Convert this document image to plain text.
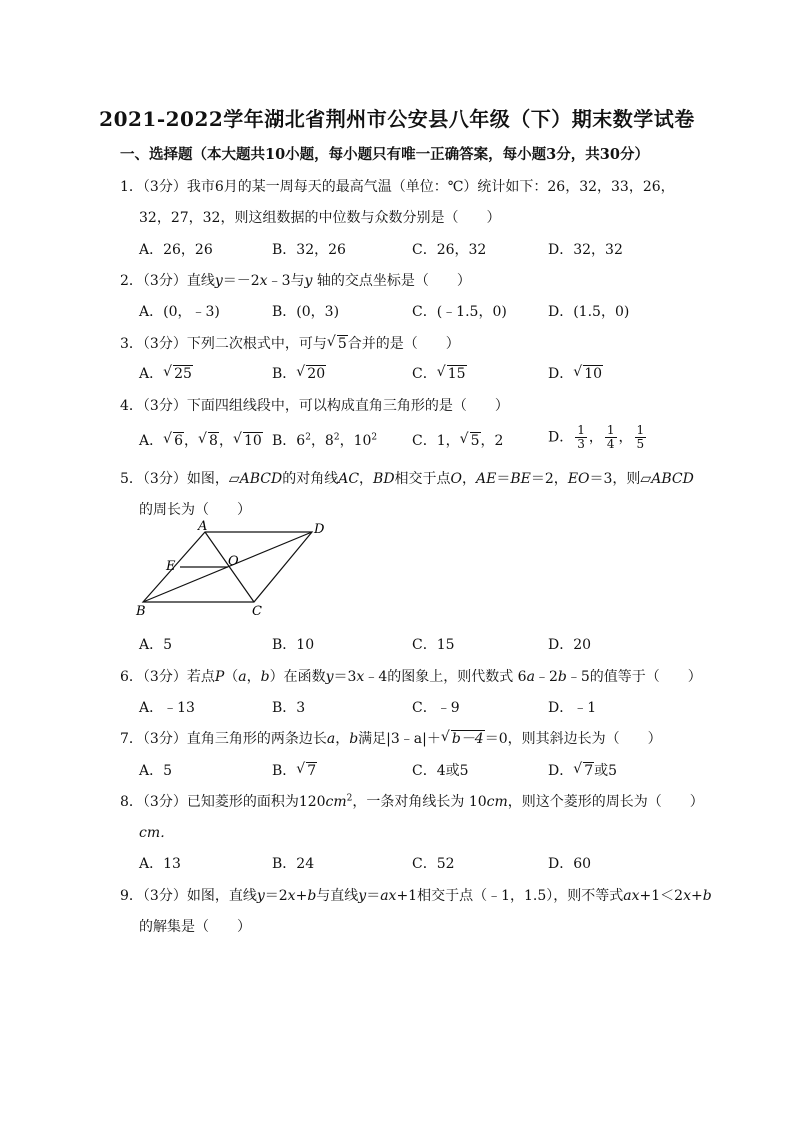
2021-2022学年湖北省荆州市公安县八年级（下）期末数学试卷
一、选择题（本大题共10小题，每小题只有唯一正确答案，每小题3分，共30分）
1．（3分）我市6月的某一周每天的最高气温（单位：℃）统计如下：26，32，33，26，
32，27，32，则这组数据的中位数与众数分别是（　　）
A．26，26	B．32，26	C．26，32	D．32，32
2．（3分）直线y＝－2x﹣3与y 轴的交点坐标是（　　）
A．(0，﹣3)	B．(0，3)	C．(﹣1.5，0)	D．(1.5，0)
3．（3分）下列二次根式中，可与 √ 5合并的是（　　）
A． √ 25	B． √ 20	C． √ 15	D． √ 10
4．（3分）下面四组线段中，可以构成直角三角形的是（　　）
A． √ 6， √ 8， √ 10 B．$6^2$，$8^2$，$10^2$ C．1， √ 5，2	D． $\frac{1}{3}$ ， $\frac{1}{4}$ ， $\frac{1}{5}$
5．（3分）如图，▱ABCD的对角线AC，BD相交于点O，AE＝BE＝2，EO＝3，则▱ABCD
的周长为（　　）
A	D
E	O
B	C
A．5	B．10	C．15	D．20
6．（3分）若点P（a，b）在函数y＝3x﹣4的图象上，则代数式 6a﹣2b﹣5的值等于（　　）
A．﹣13	B．3	C．﹣9	D．﹣1
7．（3分）直角三角形的两条边长a，b满足|3﹣a|＋ √ b－4＝0，则其斜边长为（　　）
A．5	B． √ 7	C．4或5	D． √ 7或5
8．（3分）已知菱形的面积为$120cm^2$，一条对角线长为 10cm，则这个菱形的周长为（　　）
cm．
A．13	B．24	C．52	D．60
9．（3分）如图，直线y＝2x+b与直线y＝ax+1相交于点（﹣1，1.5），则不等式ax+1＜2x+b
的解集是（　　）
